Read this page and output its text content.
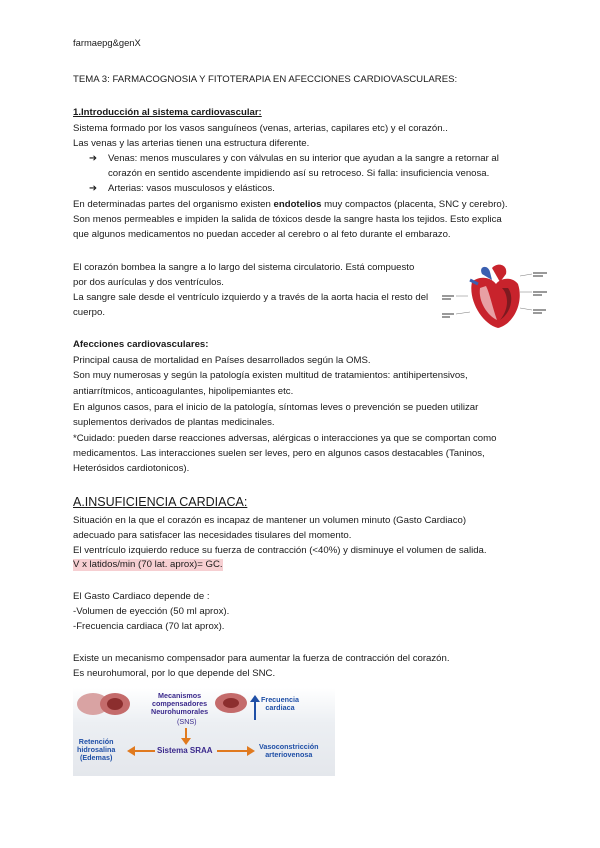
farmaepg&genX
TEMA 3: FARMACOGNOSIA Y FITOTERAPIA EN AFECCIONES CARDIOVASCULARES:
1.Introducción al sistema cardiovascular:
Sistema formado por los vasos sanguíneos (venas, arterias, capilares etc) y el corazón..
Las venas y las arterias tienen una estructura diferente.
➔ Venas: menos musculares y con válvulas en su interior que ayudan a la sangre a retornar al
corazón en sentido ascendente impidiendo así su retroceso. Si falla: insuficiencia venosa.
➔ Arterias: vasos musculosos y elásticos.
En determinadas partes del organismo existen endotelios muy compactos (placenta, SNC y cerebro).
Son menos permeables e impiden la salida de tóxicos desde la sangre hasta los tejidos. Esto explica
que algunos medicamentos no puedan acceder al cerebro o al feto durante el embarazo.
El corazón bombea la sangre a lo largo del sistema circulatorio. Está compuesto
por dos aurículas y dos ventrículos.
La sangre sale desde el ventrículo izquierdo y a través de la aorta hacia el resto del
cuerpo.
Afecciones cardiovasculares:
Principal causa de mortalidad en Países desarrollados según la OMS.
Son muy numerosas y según la patología existen multitud de tratamientos: antihipertensivos,
antiarrítmicos, anticoagulantes, hipolipemiantes etc.
En algunos casos, para el inicio de la patología, síntomas leves o prevención se pueden utilizar
suplementos derivados de plantas medicinales.
*Cuidado: pueden darse reacciones adversas, alérgicas o interacciones ya que se comportan como
medicamentos. Las interacciones suelen ser leves, pero en algunos casos destacables (Taninos,
Heterósidos cardiotonicos).
A.INSUFICIENCIA CARDIACA:
Situación en la que el corazón es incapaz de mantener un volumen minuto (Gasto Cardiaco)
adecuado para satisfacer las necesidades tisulares del momento.
El ventrículo izquierdo reduce su fuerza de contracción (<40%) y disminuye el volumen de salida.
V x latidos/min (70 lat. aprox)= GC.
El Gasto Cardiaco depende de :
-Volumen de eyección (50 ml aprox).
-Frecuencia cardiaca (70 lat aprox).
Existe un mecanismo compensador para aumentar la fuerza de contracción del corazón.
Es neurohumoral, por lo que depende del SNC.
Mecanismos
compensadores
Neurohumorales
(SNS)
Frecuencia
cardiaca
Retención
hidrosalina
(Edemas)
Sistema SRAA	Vasoconstricción
arteriovenosa
